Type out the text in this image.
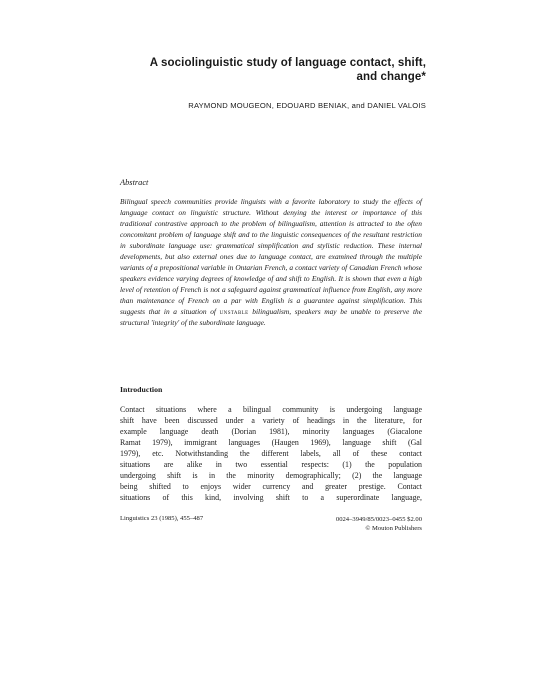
A sociolinguistic study of language contact, shift,
and change*
RAYMOND MOUGEON, EDOUARD BENIAK, and DANIEL VALOIS
Abstract
Bilingual speech communities provide linguists with a favorite laboratory to study the effects of language contact on linguistic structure. Without denying the interest or importance of this traditional contrastive approach to the problem of bilingualism, attention is attracted to the often concomitant problem of language shift and to the linguistic consequences of the resultant restriction in subordinate language use: grammatical simplification and stylistic reduction. These internal developments, but also external ones due to language contact, are examined through the multiple variants of a prepositional variable in Ontarian French, a contact variety of Canadian French whose speakers evidence varying degrees of knowledge of and shift to English. It is shown that even a high level of retention of French is not a safeguard against grammatical influence from English, any more than maintenance of French on a par with English is a guarantee against simplification. This suggests that in a situation of unstable bilingualism, speakers may be unable to preserve the structural 'integrity' of the subordinate language.
Introduction
Contact situations where a bilingual community is undergoing language
shift have been discussed under a variety of headings in the literature, for
example language death (Dorian 1981), minority languages (Giacalone
Ramat 1979), immigrant languages (Haugen 1969), language shift (Gal
1979), etc. Notwithstanding the different labels, all of these contact
situations are alike in two essential respects: (1) the population
undergoing shift is in the minority demographically; (2) the language
being shifted to enjoys wider currency and greater prestige. Contact
situations of this kind, involving shift to a superordinate language,
Linguistics 23 (1985), 455–487	0024–3949/85/0023–0455 $2.00
© Mouton Publishers
